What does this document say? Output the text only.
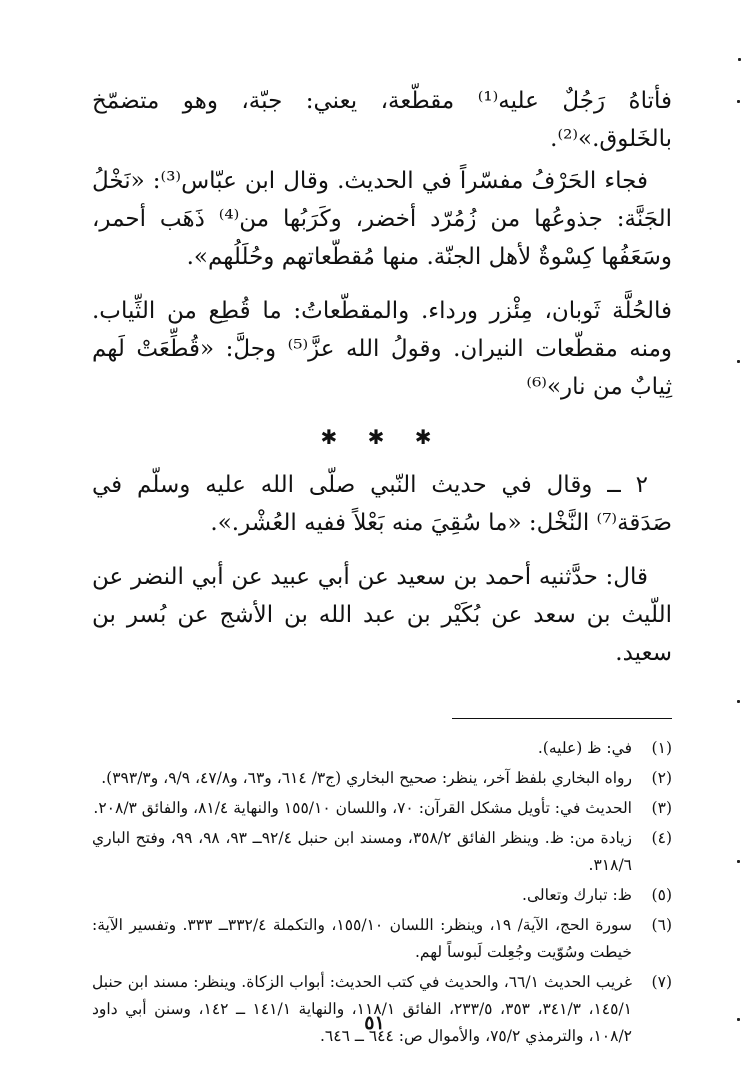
فأتاهُ رَجُلٌ عليه⁽¹⁾ مقطّعة، يعني: جبّة، وهو متضمّخ بالخَلوق.»⁽²⁾.

فجاء الحَرْفُ مفسّراً في الحديث. وقال ابن عبّاس⁽³⁾: «نَخْلُ الجَنَّة: جذوعُها من زُمُرّد أخضر، وكَرَبُها من⁽⁴⁾ ذَهَب أحمر، وسَعَفُها كِسْوةٌ لأهل الجنّة. منها مُقطّعاتهم وحُلَلُهم».

فالحُلَّة ثَوبان، مِئْزر ورداء. والمقطّعاتُ: ما قُطِع من الثِّياب. ومنه مقطّعات النيران. وقولُ الله عزَّ⁽⁵⁾ وجلَّ: «قُطِّعَتْ لَهم ثِيابٌ من نار»⁽⁶⁾

✱ ✱ ✱

٢ ــ وقال في حديث النّبي صلّى الله عليه وسلّم في صَدَقة⁽⁷⁾ النَّخْل: «ما سُقِيَ منه بَعْلاً ففيه العُشْر.».

قال: حدَّثنيه أحمد بن سعيد عن أبي عبيد عن أبي النضر عن اللّيث بن سعد عن بُكَيْر بن عبد الله بن الأشج عن بُسر بن سعيد.

(١)
في: ظ (عليه).
(٢)
رواه البخاري بلفظ آخر، ينظر: صحيح البخاري (ج٣/ ٦١٤، و٦٣، و٤٧/٨، ٩/٩، و٣٩٣/٣).
(٣)
الحديث في: تأويل مشكل القرآن: ٧٠، واللسان ١٥٥/١٠ والنهاية ٨١/٤، والفائق ٢٠٨/٣.
(٤)
زيادة من: ظ. وينظر الفائق ٣٥٨/٢، ومسند ابن حنبل ٩٢/٤ــ ٩٣، ٩٨، ٩٩، وفتح الباري ٣١٨/٦.
(٥)
ظ: تبارك وتعالى.
(٦)
سورة الحج، الآية/ ١٩، وينظر: اللسان ١٥٥/١٠، والتكملة ٣٣٢/٤ــ ٣٣٣. وتفسير الآية: خيطت وسُوّيت وجُعِلت لَبوساً لهم.
(٧)
غريب الحديث ٦٦/١، والحديث في كتب الحديث: أبواب الزكاة. وينظر: مسند ابن حنبل ١٤٥/١، ٣٤١/٣، ٣٥٣، ٢٣٣/٥، الفائق ١١٨/١، والنهاية ١٤١/١ ــ ١٤٢، وسنن أبي داود ١٠٨/٢، والترمذي ٧٥/٢، والأموال ص: ٦٤٤ ــ ٦٤٦.
٥١
